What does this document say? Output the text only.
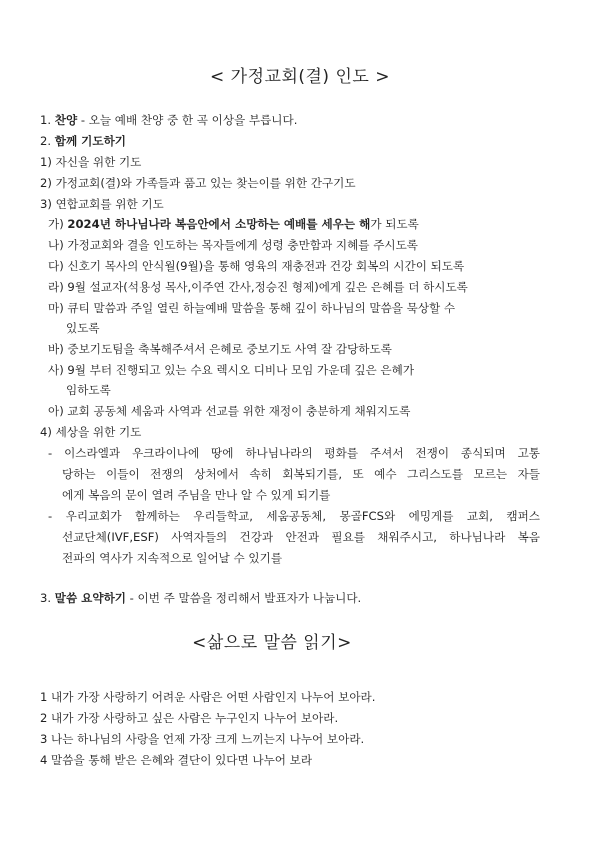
< 가정교회(결) 인도 >
1. 찬양 - 오늘 예배 찬양 중 한 곡 이상을 부릅니다.
2. 함께 기도하기
1) 자신을 위한 기도
2) 가정교회(결)와 가족들과 품고 있는 찾는이를 위한 간구기도
3) 연합교회를 위한 기도
가) 2024년 하나님나라 복음안에서 소망하는 예배를 세우는 해가 되도록
나) 가정교회와 결을 인도하는 목자들에게 성령 충만함과 지혜를 주시도록
다) 신호기 목사의 안식월(9월)을 통해 영육의 재충전과 건강 회복의 시간이 되도록
라) 9월 설교자(석용성 목사,이주연 간사,정승진 형제)에게 깊은 은혜를 더 하시도록
마) 큐티 말씀과 주일 열린 하늘예배 말씀을 통해 깊이 하나님의 말씀을 묵상할 수
있도록
바) 중보기도팀을 축복해주셔서 은혜로 중보기도 사역 잘 감당하도록
사) 9월 부터 진행되고 있는 수요 렉시오 디비나 모임 가운데 깊은 은혜가
임하도록
아) 교회 공동체 세움과 사역과 선교를 위한 재정이 충분하게 채워지도록
4) 세상을 위한 기도
- 이스라엘과 우크라이나에 땅에 하나님나라의 평화를 주셔서 전쟁이 종식되며 고통
당하는 이들이 전쟁의 상처에서 속히 회복되기를, 또 예수 그리스도를 모르는 자들
에게 복음의 문이 열려 주님을 만나 알 수 있게 되기를
- 우리교회가 함께하는 우리들학교, 세움공동체, 몽골FCS와 에밍게를 교회, 캠퍼스
선교단체(IVF,ESF) 사역자들의 건강과 안전과 필요를 채워주시고, 하나님나라 복음
전파의 역사가 지속적으로 일어날 수 있기를
3. 말씀 요약하기 - 이번 주 말씀을 정리해서 발표자가 나눕니다.
<삶으로 말씀 읽기>
1 내가 가장 사랑하기 어려운 사람은 어떤 사람인지 나누어 보아라.
2 내가 가장 사랑하고 싶은 사람은 누구인지 나누어 보아라.
3 나는 하나님의 사랑을 언제 가장 크게 느끼는지 나누어 보아라.
4 말씀을 통해 받은 은혜와 결단이 있다면 나누어 보라
